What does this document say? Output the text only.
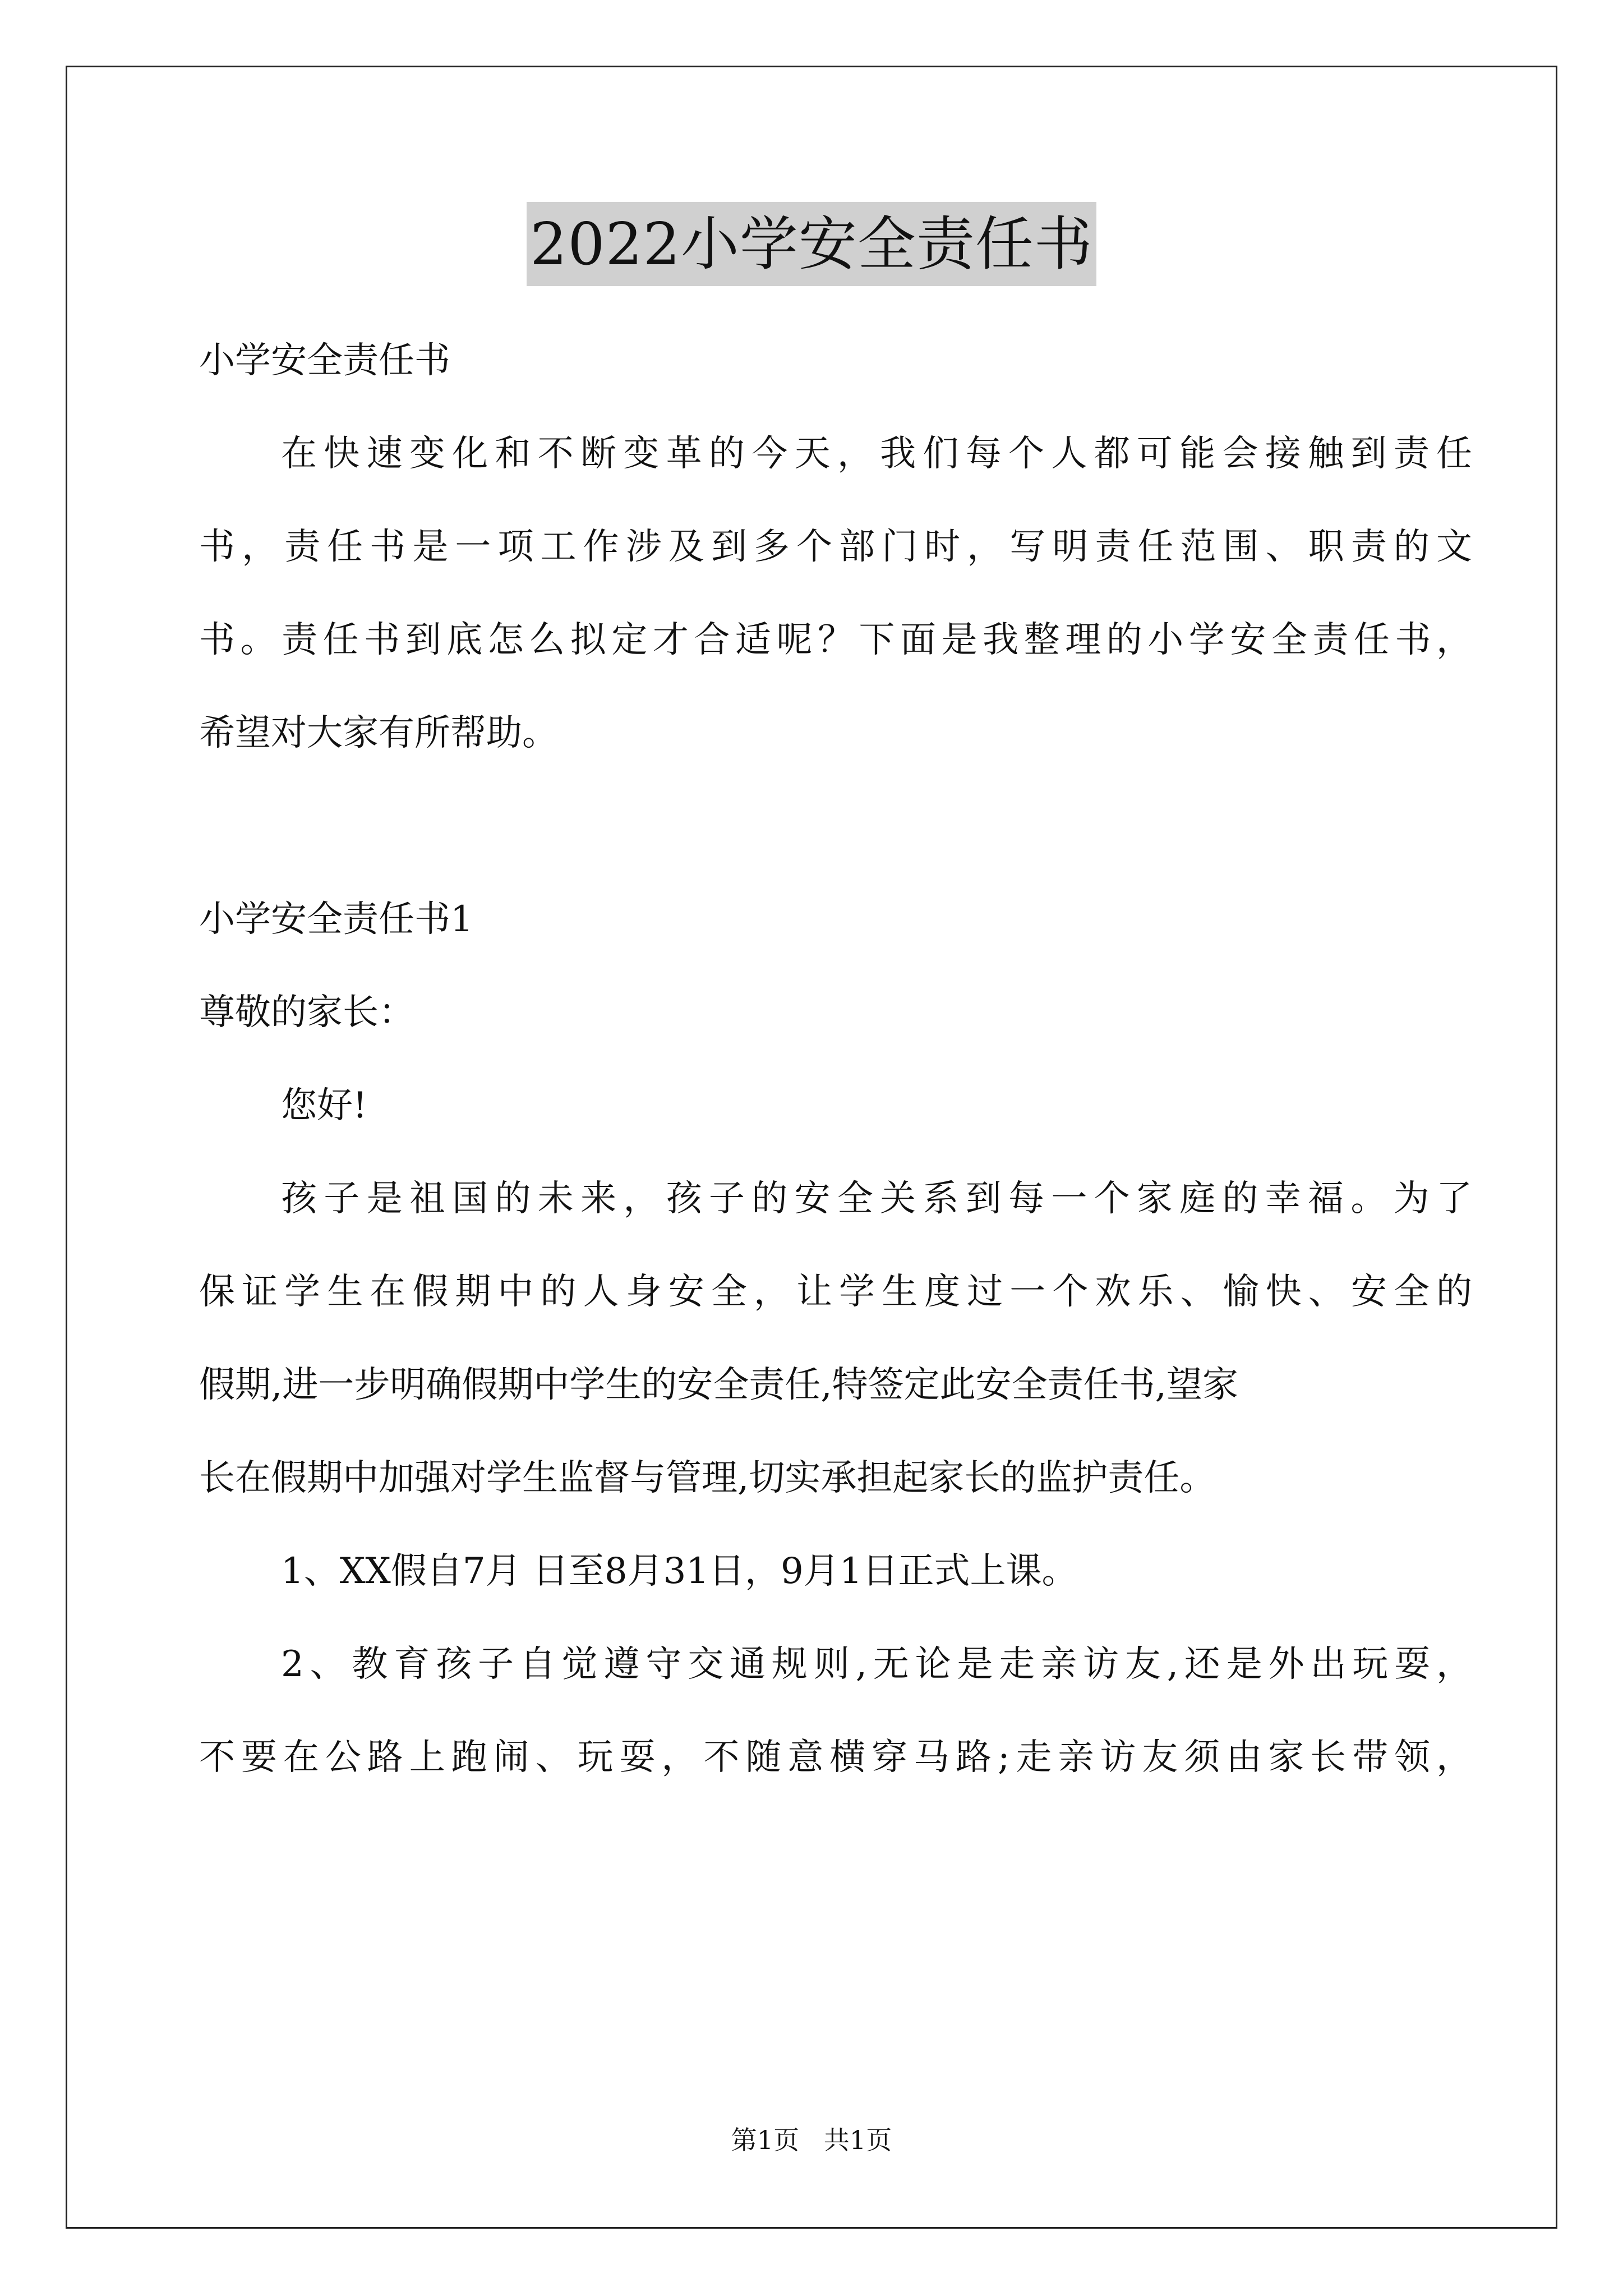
2022小学安全责任书
小学安全责任书
在快速变化和不断变革的今天，我们每个人都可能会接触到责任
书，责任书是一项工作涉及到多个部门时，写明责任范围、职责的文
书。责任书到底怎么拟定才合适呢？下面是我整理的小学安全责任书，
希望对大家有所帮助。
小学安全责任书1
尊敬的家长：
您好!
孩子是祖国的未来，孩子的安全关系到每一个家庭的幸福。为了
保证学生在假期中的人身安全，让学生度过一个欢乐、愉快、安全的
假期,进一步明确假期中学生的安全责任,特签定此安全责任书,望家
长在假期中加强对学生监督与管理,切实承担起家长的监护责任。
1、XX假自7月 日至8月31日，9月1日正式上课。
2、教育孩子自觉遵守交通规则,无论是走亲访友,还是外出玩耍，
不要在公路上跑闹、玩耍，不随意横穿马路;走亲访友须由家长带领，
第1页   共1页
